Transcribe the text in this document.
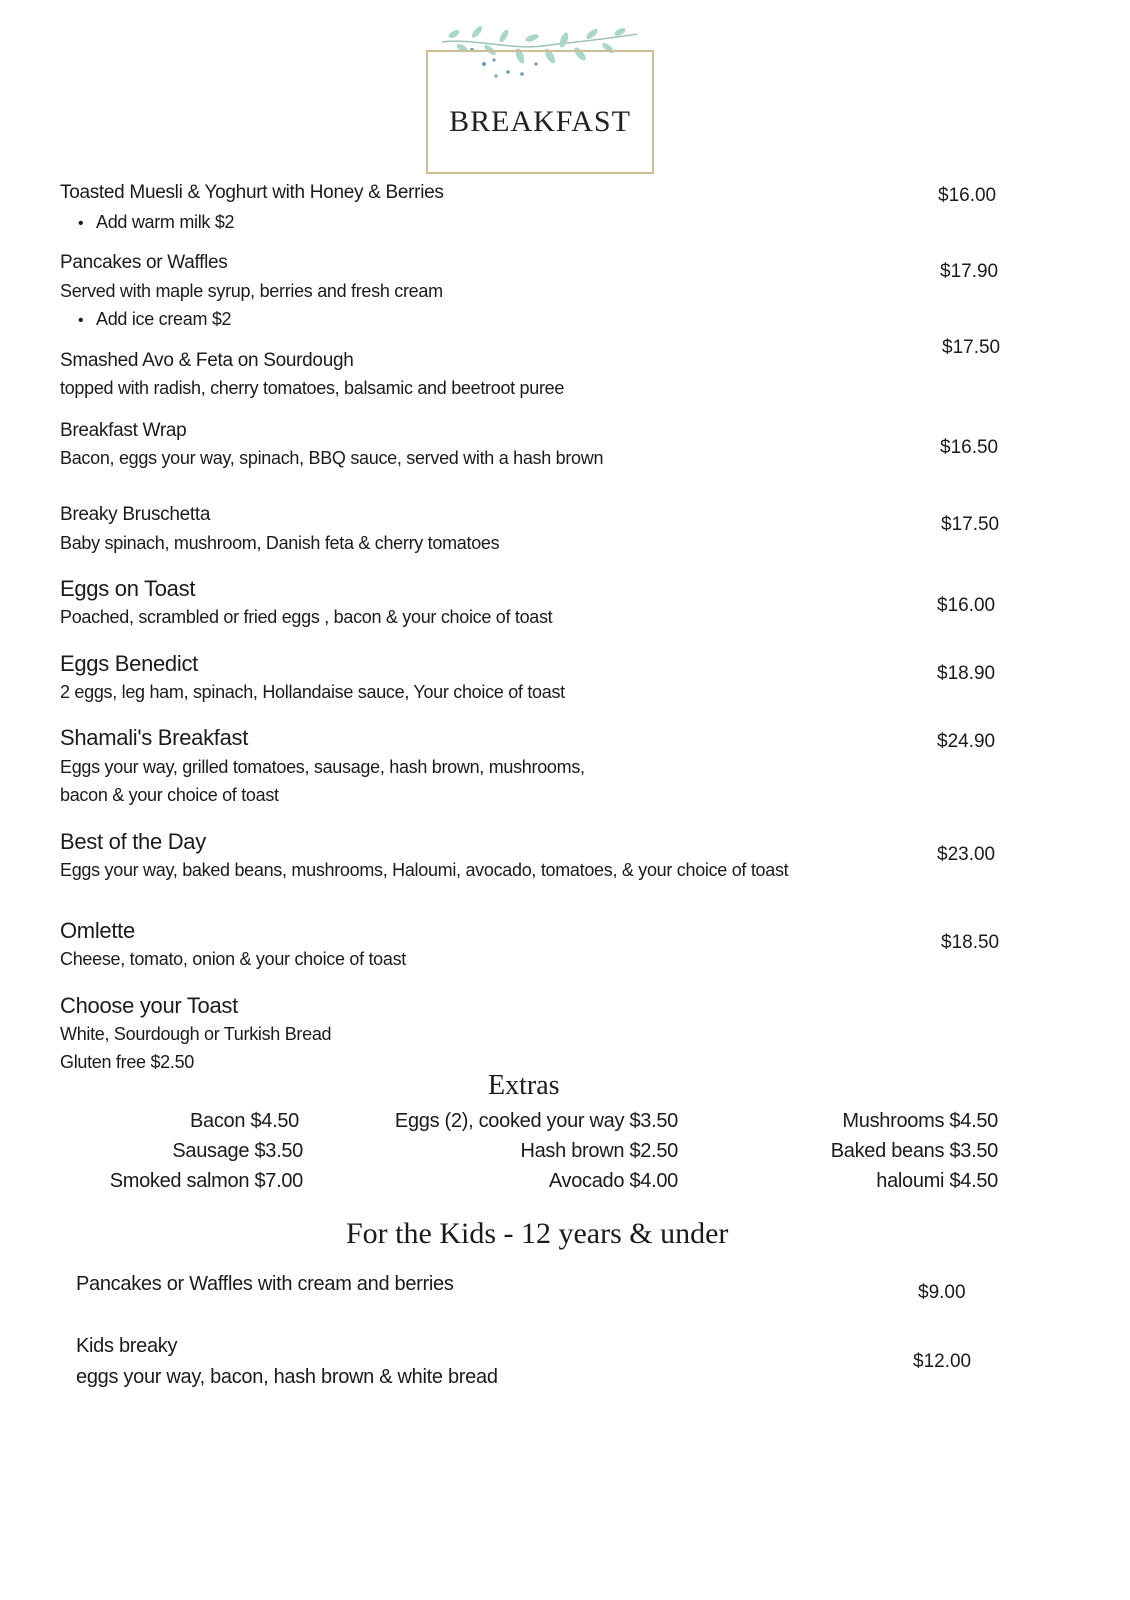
BREAKFAST
Toasted Muesli & Yoghurt with Honey & Berries
• Add warm milk $2
$16.00
Pancakes or Waffles
Served with maple syrup, berries and fresh cream
• Add ice cream $2
$17.90
Smashed Avo & Feta on Sourdough
topped with radish, cherry tomatoes, balsamic and beetroot puree
$17.50
Breakfast Wrap
Bacon, eggs your way, spinach, BBQ sauce, served with a hash brown	$16.50
Breaky Bruschetta
Baby spinach, mushroom, Danish feta & cherry tomatoes
$17.50
Eggs on Toast
Poached, scrambled or fried eggs , bacon & your choice of toast
$16.00
Eggs Benedict
2 eggs, leg ham, spinach, Hollandaise sauce, Your choice of toast
$18.90
Shamali's Breakfast
Eggs your way, grilled tomatoes, sausage, hash brown, mushrooms,
bacon & your choice of toast
$24.90
Best of the Day
Eggs your way, baked beans, mushrooms, Haloumi, avocado, tomatoes, & your choice of toast
$23.00
Omlette
Cheese, tomato, onion & your choice of toast
$18.50
Choose your Toast
White, Sourdough or Turkish Bread
Gluten free $2.50
Extras
Bacon $4.50
Sausage $3.50
Smoked salmon $7.00
Eggs (2), cooked your way $3.50
Hash brown $2.50
Avocado $4.00
Mushrooms $4.50
Baked beans $3.50
haloumi $4.50
For the Kids - 12 years & under
Pancakes or Waffles with cream and berries	$9.00
Kids breaky
eggs your way, bacon, hash brown & white bread
$12.00
